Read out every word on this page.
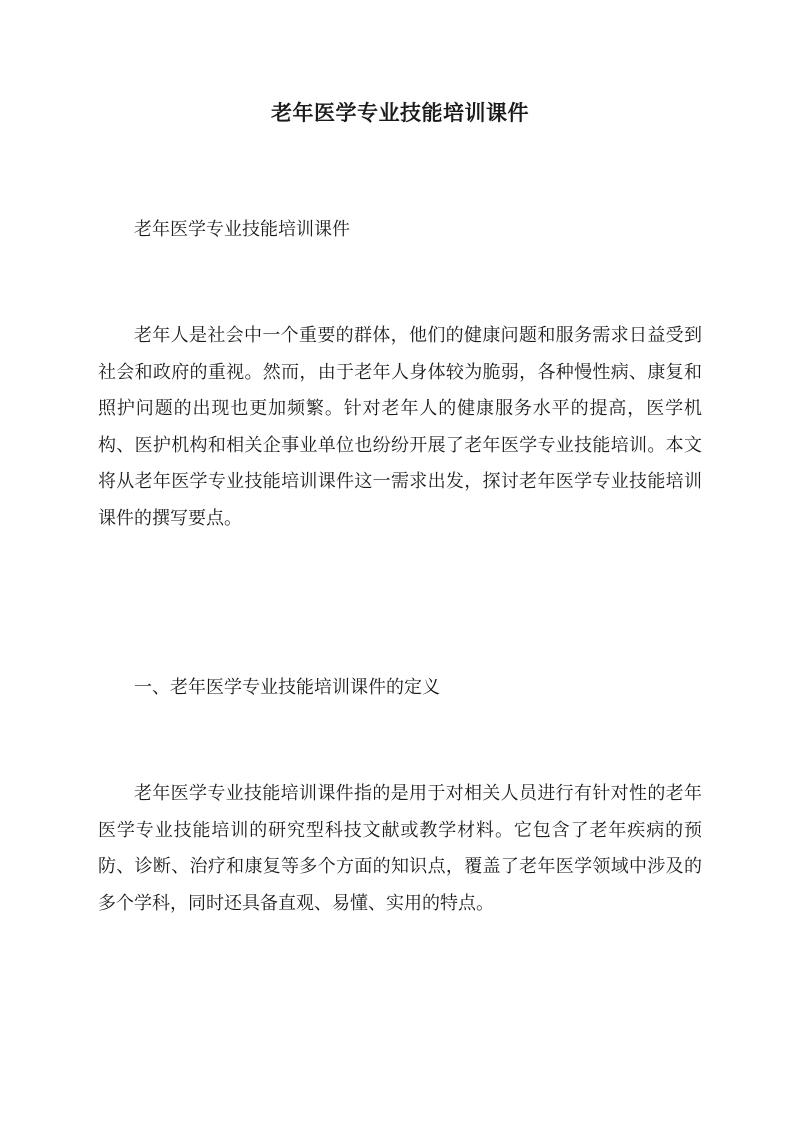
老年医学专业技能培训课件

老年医学专业技能培训课件

老年人是社会中一个重要的群体，他们的健康问题和服务需求日益受到社会和政府的重视。然而，由于老年人身体较为脆弱，各种慢性病、康复和照护问题的出现也更加频繁。针对老年人的健康服务水平的提高，医学机构、医护机构和相关企事业单位也纷纷开展了老年医学专业技能培训。本文将从老年医学专业技能培训课件这一需求出发，探讨老年医学专业技能培训课件的撰写要点。

一、老年医学专业技能培训课件的定义

老年医学专业技能培训课件指的是用于对相关人员进行有针对性的老年医学专业技能培训的研究型科技文献或教学材料。它包含了老年疾病的预防、诊断、治疗和康复等多个方面的知识点，覆盖了老年医学领域中涉及的多个学科，同时还具备直观、易懂、实用的特点。
